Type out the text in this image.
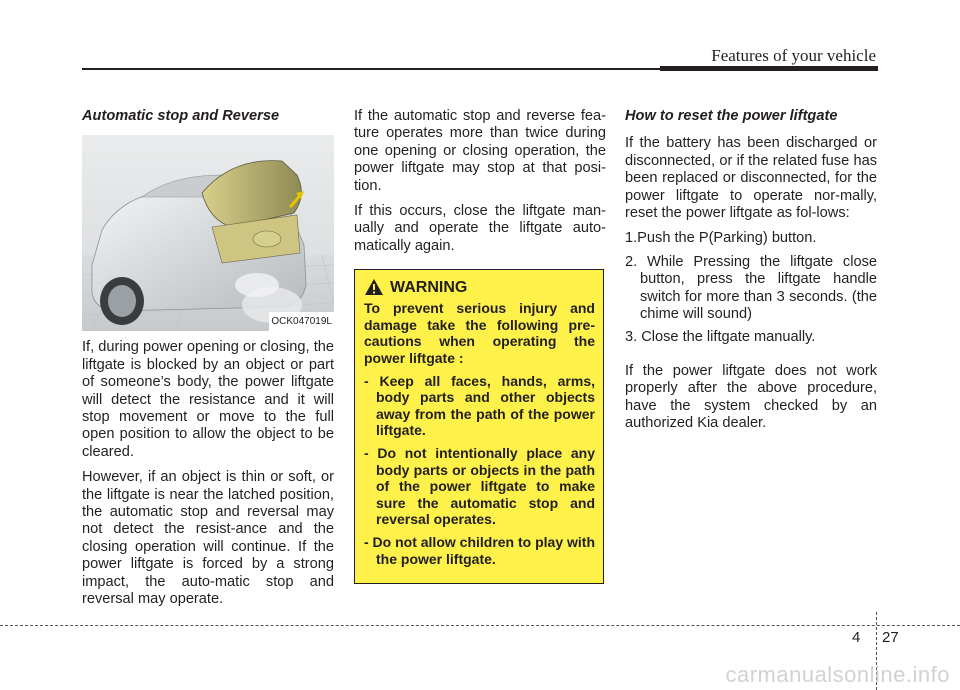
Features of your vehicle
Automatic stop and Reverse
OCK047019L

If, during power opening or closing, the liftgate is blocked by an object or part of someone’s body, the power liftgate will detect the resistance and it will stop movement or move to the full open position to allow the object to be cleared.

However, if an object is thin or soft, or the liftgate is near the latched position, the automatic stop and reversal may not detect the resist-ance and the closing operation will continue. If the power liftgate is forced by a strong impact, the auto-matic stop and reversal may operate.

If the automatic stop and reverse fea-ture operates more than twice during one opening or closing operation, the power liftgate may stop at that posi-tion.

If this occurs, close the liftgate man-ually and operate the liftgate auto-matically again.

WARNING

To prevent serious injury and damage take the following pre-cautions when operating the power liftgate :

- Keep all faces, hands, arms, body parts and other objects away from the path of the power liftgate.
- Do not intentionally place any body parts or objects in the path of the power liftgate to make sure the automatic stop and reversal operates.
- Do not allow children to play with the power liftgate.
How to reset the power liftgate

If the battery has been discharged or disconnected, or if the related fuse has been replaced or disconnected, for the power liftgate to operate nor-mally, reset the power liftgate as fol-lows:

1.Push the P(Parking) button.
2. While Pressing the liftgate close button, press the liftgate handle switch for more than 3 seconds. (the chime will sound)
3. Close the liftgate manually.

If the power liftgate does not work properly after the above procedure, have the system checked by an authorized Kia dealer.

4 27
carmanualsonline.info
